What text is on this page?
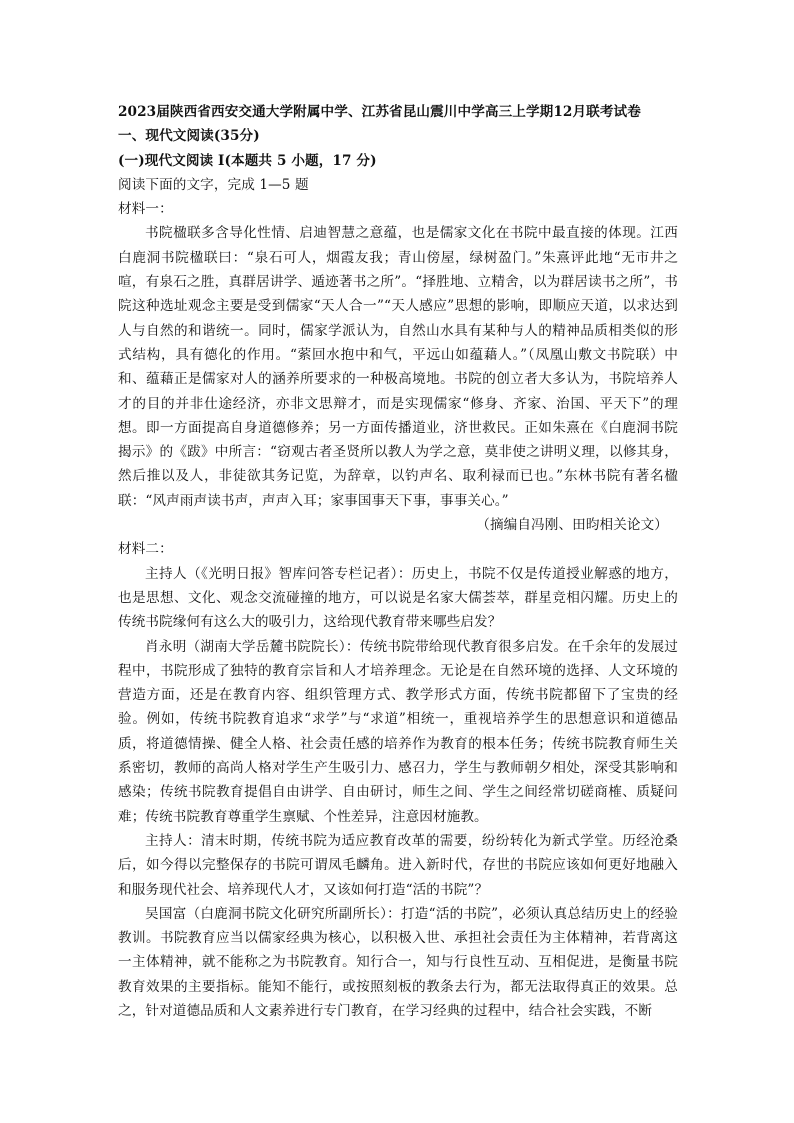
2023届陕西省西安交通大学附属中学、江苏省昆山震川中学高三上学期12月联考试卷

一、现代文阅读(35分)

(一)现代文阅读 I(本题共 5 小题，17 分)

阅读下面的文字，完成 1—5 题

材料一：

书院楹联多含导化性情、启迪智慧之意蕴，也是儒家文化在书院中最直接的体现。江西白鹿洞书院楹联曰：“泉石可人，烟霞友我；青山傍屋，绿树盈门。”朱熹评此地“无市井之喧，有泉石之胜，真群居讲学、遁迹著书之所”。“择胜地、立精舍，以为群居读书之所”，书院这种选址观念主要是受到儒家“天人合一”“天人感应”思想的影响，即顺应天道，以求达到人与自然的和谐统一。同时，儒家学派认为，自然山水具有某种与人的精神品质相类似的形式结构，具有德化的作用。“萦回水抱中和气，平远山如蕴藉人。”（凤凰山敷文书院联）中和、蕴藉正是儒家对人的涵养所要求的一种极高境地。书院的创立者大多认为，书院培养人才的目的并非仕途经济，亦非文思辩才，而是实现儒家“修身、齐家、治国、平天下”的理想。即一方面提高自身道德修养；另一方面传播道业，济世救民。正如朱熹在《白鹿洞书院揭示》的《跋》中所言：“窃观古者圣贤所以教人为学之意，莫非使之讲明义理，以修其身，然后推以及人，非徒欲其务记览，为辞章，以钓声名、取利禄而已也。”东林书院有著名楹联：“风声雨声读书声，声声入耳；家事国事天下事，事事关心。”

（摘编自冯刚、田昀相关论文）

材料二：

主持人（《光明日报》智库问答专栏记者）：历史上，书院不仅是传道授业解惑的地方，也是思想、文化、观念交流碰撞的地方，可以说是名家大儒荟萃，群星竞相闪耀。历史上的传统书院缘何有这么大的吸引力，这给现代教育带来哪些启发？

肖永明（湖南大学岳麓书院院长）：传统书院带给现代教育很多启发。在千余年的发展过程中，书院形成了独特的教育宗旨和人才培养理念。无论是在自然环境的选择、人文环境的营造方面，还是在教育内容、组织管理方式、教学形式方面，传统书院都留下了宝贵的经验。例如，传统书院教育追求“求学”与“求道”相统一，重视培养学生的思想意识和道德品质，将道德情操、健全人格、社会责任感的培养作为教育的根本任务；传统书院教育师生关系密切，教师的高尚人格对学生产生吸引力、感召力，学生与教师朝夕相处，深受其影响和感染；传统书院教育提倡自由讲学、自由研讨，师生之间、学生之间经常切磋商榷、质疑问难；传统书院教育尊重学生禀赋、个性差异，注意因材施教。

主持人：清末时期，传统书院为适应教育改革的需要，纷纷转化为新式学堂。历经沧桑后，如今得以完整保存的书院可谓凤毛麟角。进入新时代，存世的书院应该如何更好地融入和服务现代社会、培养现代人才，又该如何打造“活的书院”？

吴国富（白鹿洞书院文化研究所副所长）：打造“活的书院”，必须认真总结历史上的经验教训。书院教育应当以儒家经典为核心，以积极入世、承担社会责任为主体精神，若背离这一主体精神，就不能称之为书院教育。知行合一，知与行良性互动、互相促进，是衡量书院教育效果的主要指标。能知不能行，或按照刻板的教条去行为，都无法取得真正的效果。总之，针对道德品质和人文素养进行专门教育，在学习经典的过程中，结合社会实践，不断
